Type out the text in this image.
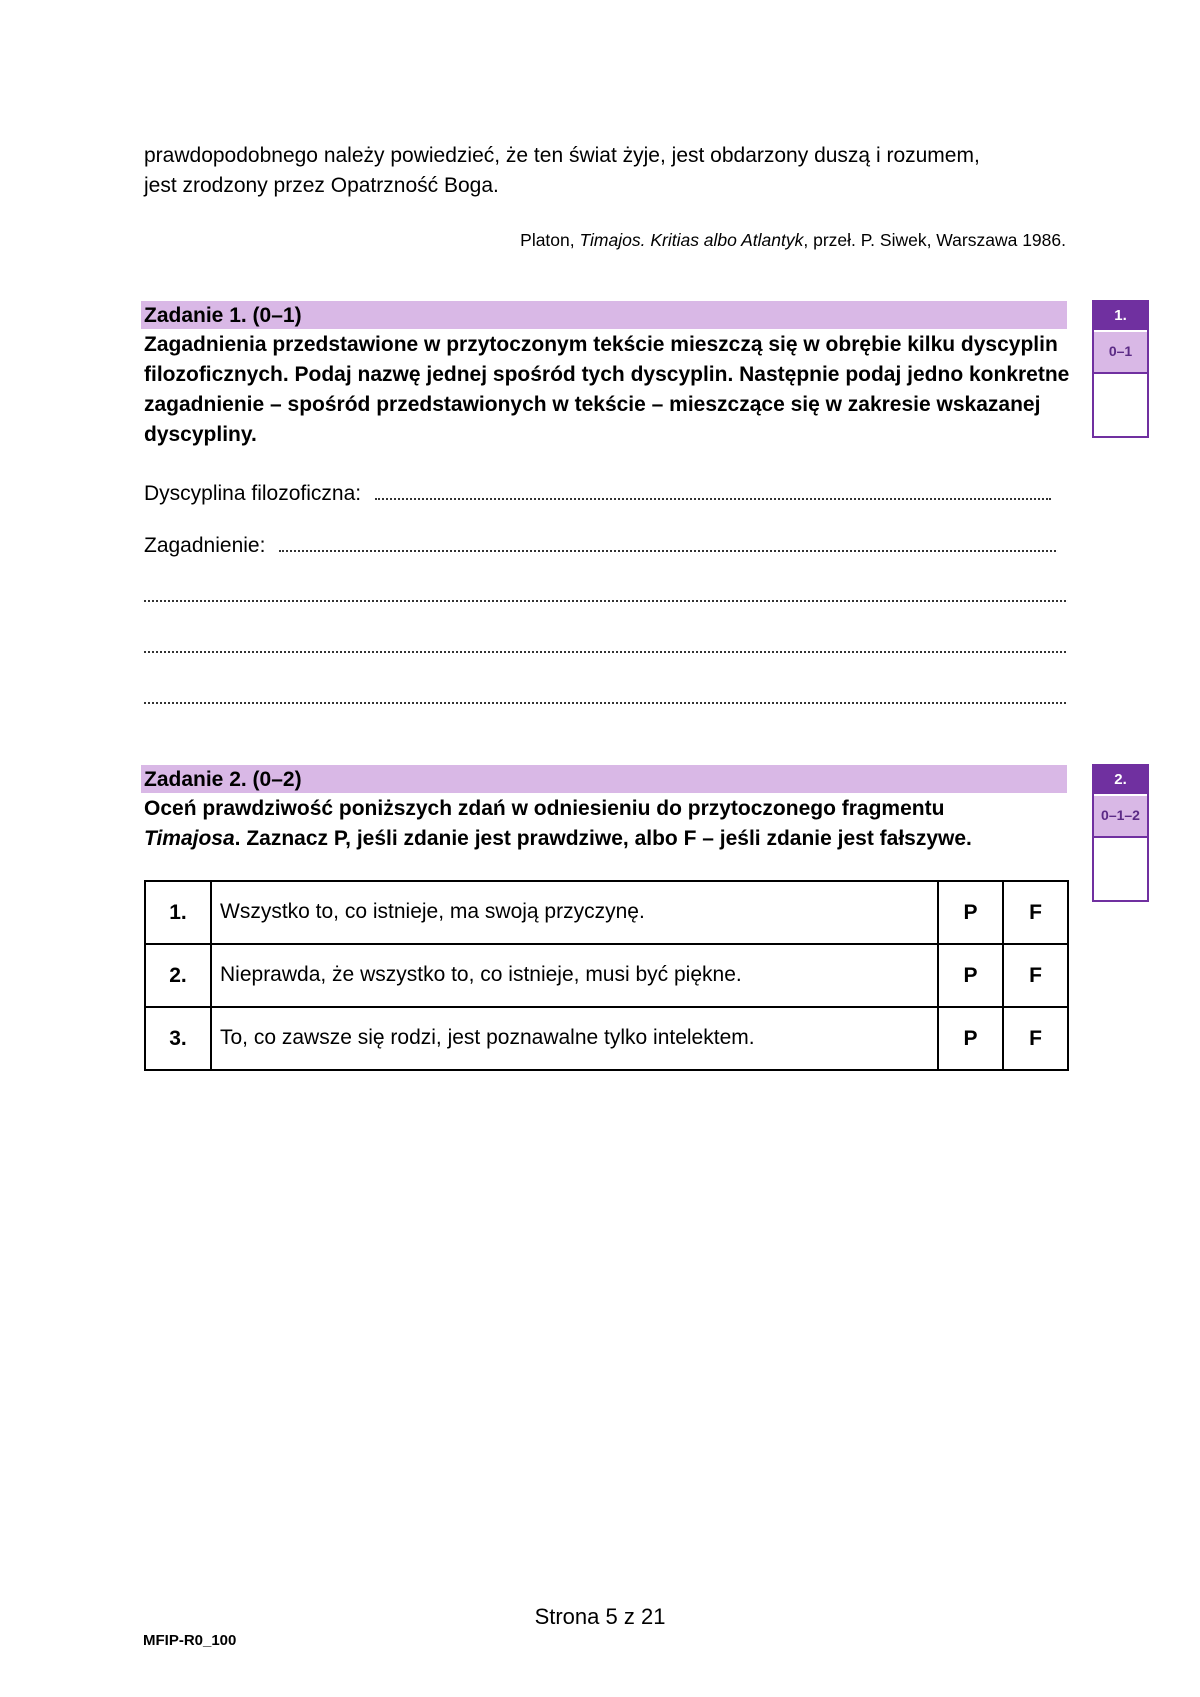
prawdopodobnego należy powiedzieć, że ten świat żyje, jest obdarzony duszą i rozumem,
jest zrodzony przez Opatrzność Boga.
Platon, Timajos. Kritias albo Atlantyk, przeł. P. Siwek, Warszawa 1986.
Zadanie 1. (0–1)
Zagadnienia przedstawione w przytoczonym tekście mieszczą się w obrębie kilku dyscyplin filozoficznych. Podaj nazwę jednej spośród tych dyscyplin. Następnie podaj jedno konkretne zagadnienie – spośród przedstawionych w tekście – mieszczące się w zakresie wskazanej dyscypliny.
1.
0–1
Dyscyplina filozoficzna:
Zagadnienie:
Zadanie 2. (0–2)
Oceń prawdziwość poniższych zdań w odniesieniu do przytoczonego fragmentu
Timajosa. Zaznacz P, jeśli zdanie jest prawdziwe, albo F – jeśli zdanie jest fałszywe.
2.
0–1–2
1.	Wszystko to, co istnieje, ma swoją przyczynę.	P	F
2.	Nieprawda, że wszystko to, co istnieje, musi być piękne.	P	F
3.	To, co zawsze się rodzi, jest poznawalne tylko intelektem.	P	F
Strona 5 z 21
MFIP-R0_100
